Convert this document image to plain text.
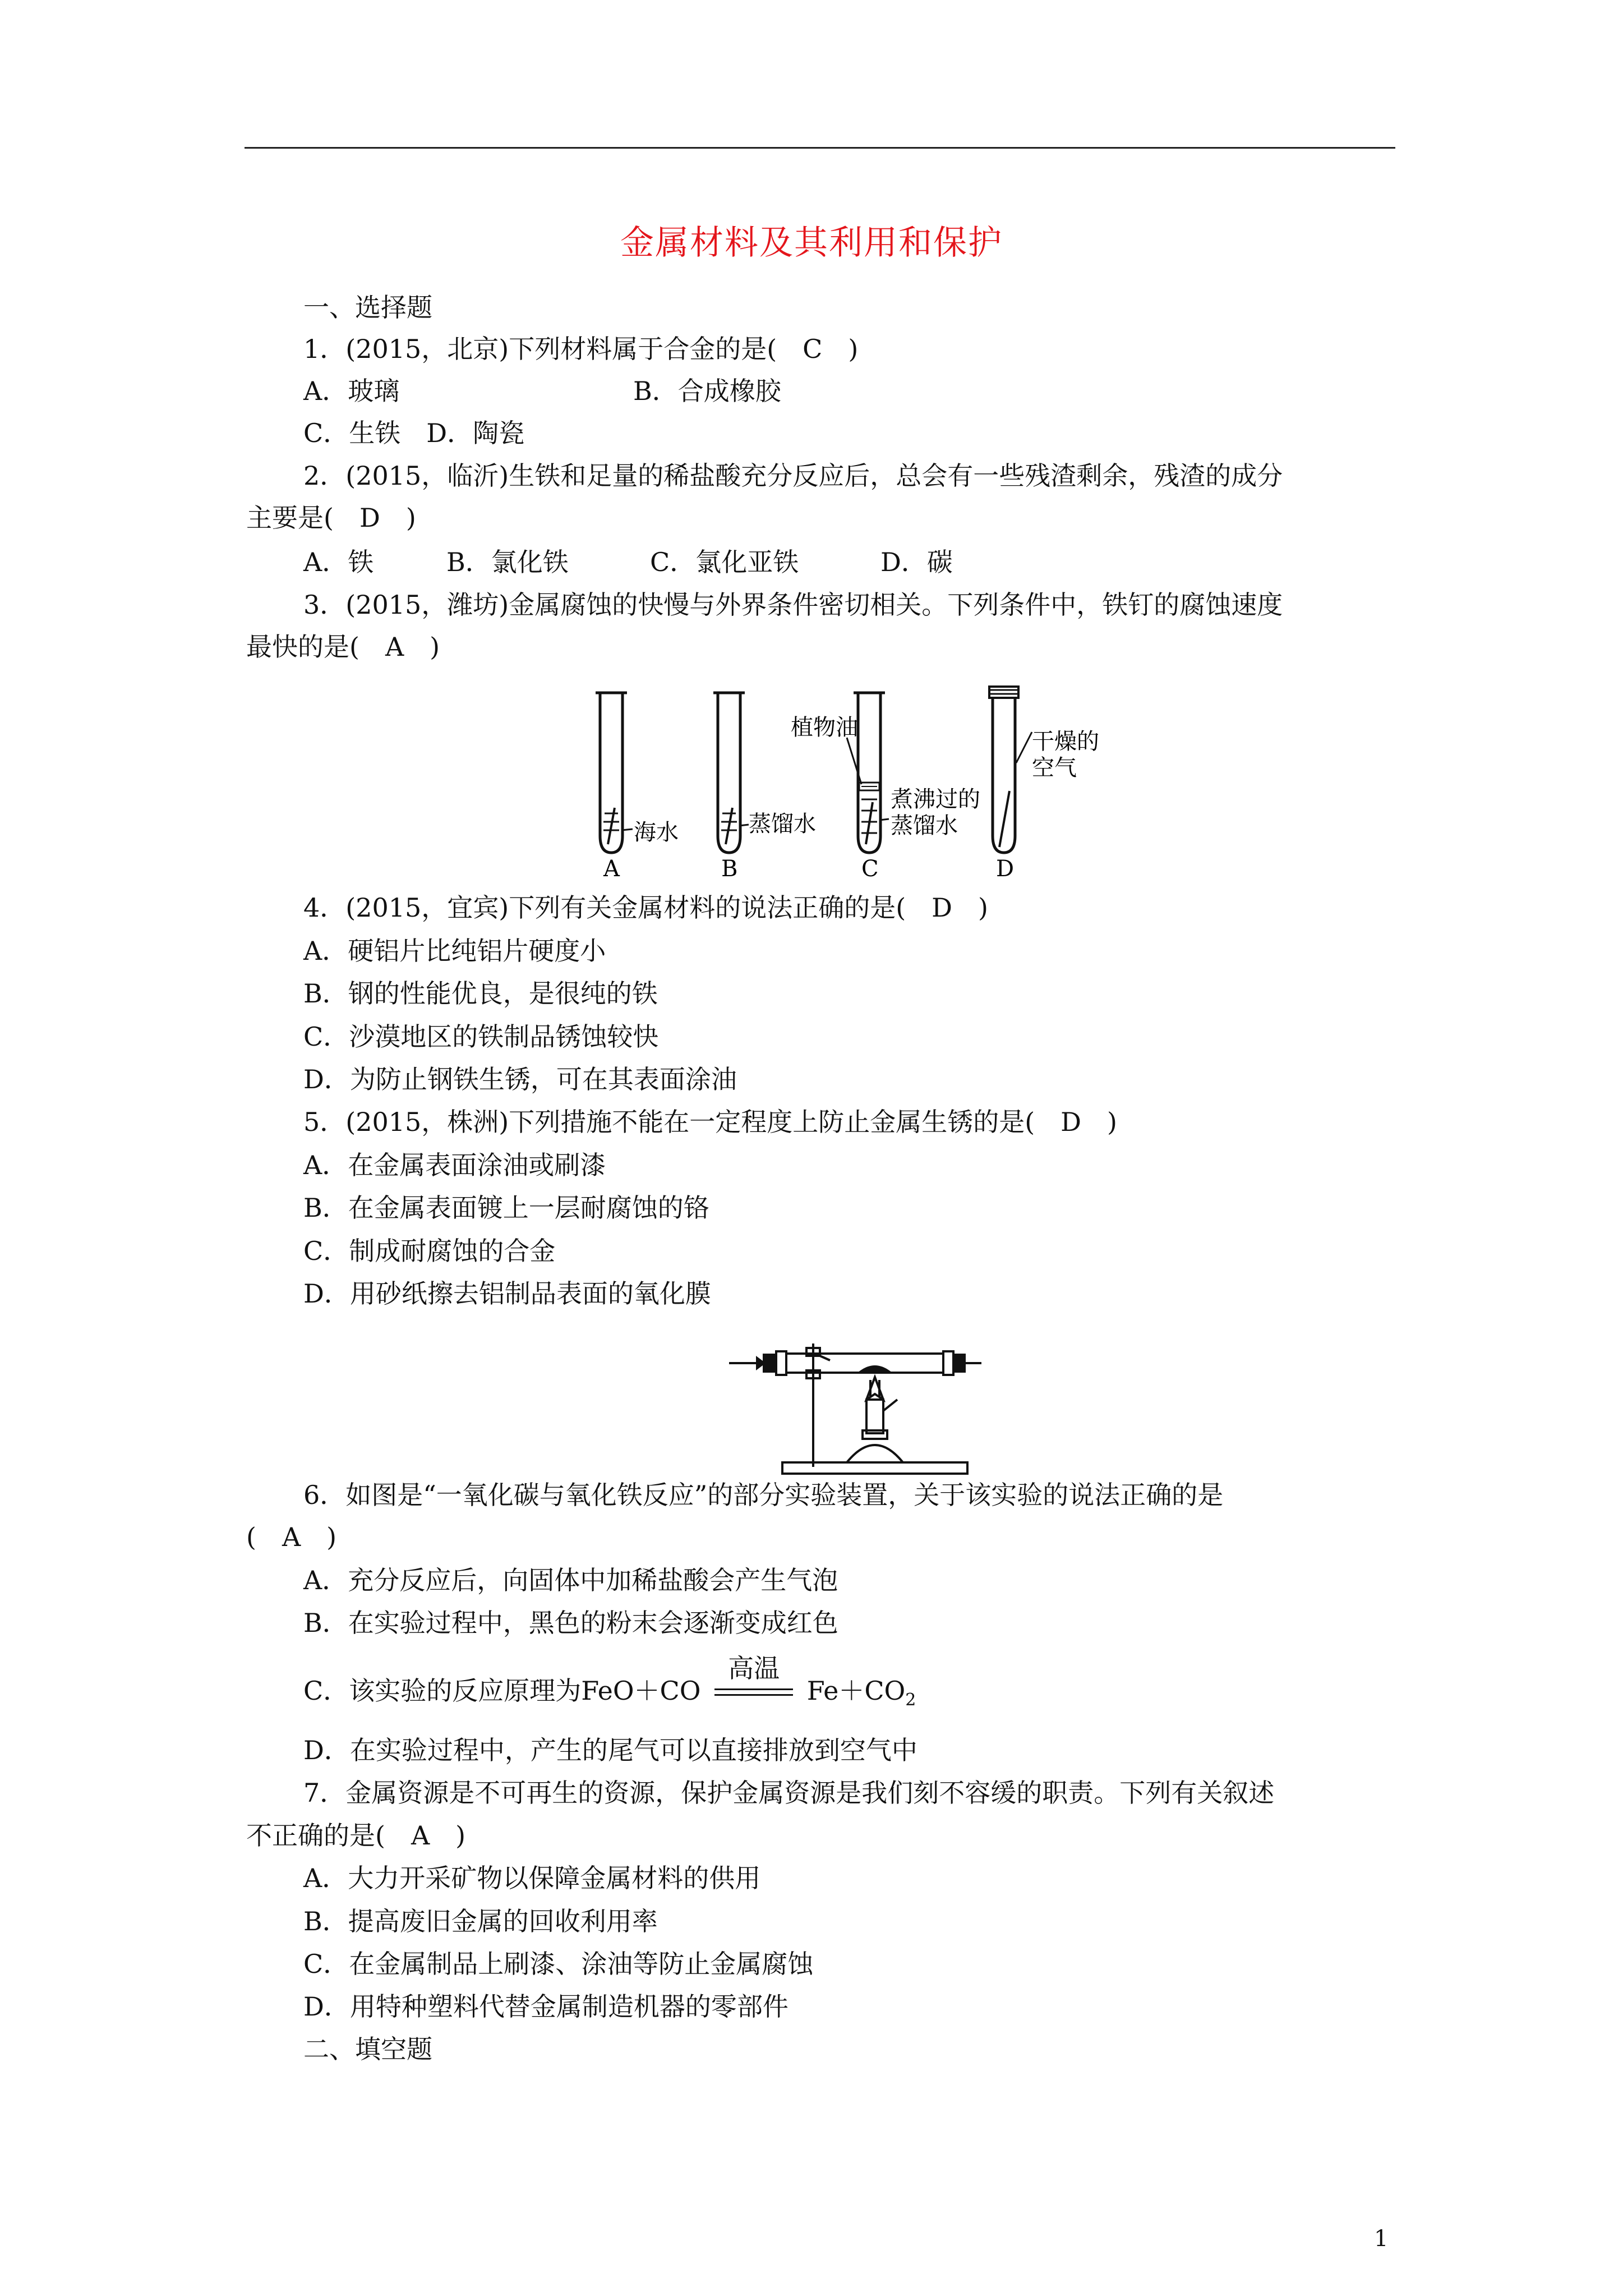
金属材料及其利用和保护
一、选择题
1．(2015，北京)下列材料属于合金的是(　C　)
A．玻璃	B．合成橡胶
C．生铁　D．陶瓷
2．(2015，临沂)生铁和足量的稀盐酸充分反应后，总会有一些残渣剩余，残渣的成分
主要是(　D　)
A．铁	B．氯化铁	C．氯化亚铁	D．碳
3．(2015，潍坊)金属腐蚀的快慢与外界条件密切相关。下列条件中，铁钉的腐蚀速度
最快的是(　A　)
海水	蒸馏水
植物油
煮沸过的
蒸馏水
干燥的
空气
A	B	C	D
4．(2015，宜宾)下列有关金属材料的说法正确的是(　D　)
A．硬铝片比纯铝片硬度小
B．钢的性能优良，是很纯的铁
C．沙漠地区的铁制品锈蚀较快
D．为防止钢铁生锈，可在其表面涂油
5．(2015，株洲)下列措施不能在一定程度上防止金属生锈的是(　D　)
A．在金属表面涂油或刷漆
B．在金属表面镀上一层耐腐蚀的铬
C．制成耐腐蚀的合金
D．用砂纸擦去铝制品表面的氧化膜
6．如图是“一氧化碳与氧化铁反应”的部分实验装置，关于该实验的说法正确的是
(　A　)
A．充分反应后，向固体中加稀盐酸会产生气泡
B．在实验过程中，黑色的粉末会逐渐变成红色
C．该实验的反应原理为FeO＋CO
高温
$Fe+CO_2$
D．在实验过程中，产生的尾气可以直接排放到空气中
7．金属资源是不可再生的资源，保护金属资源是我们刻不容缓的职责。下列有关叙述
不正确的是(　A　)
A．大力开采矿物以保障金属材料的供用
B．提高废旧金属的回收利用率
C．在金属制品上刷漆、涂油等防止金属腐蚀
D．用特种塑料代替金属制造机器的零部件
二、填空题
1
